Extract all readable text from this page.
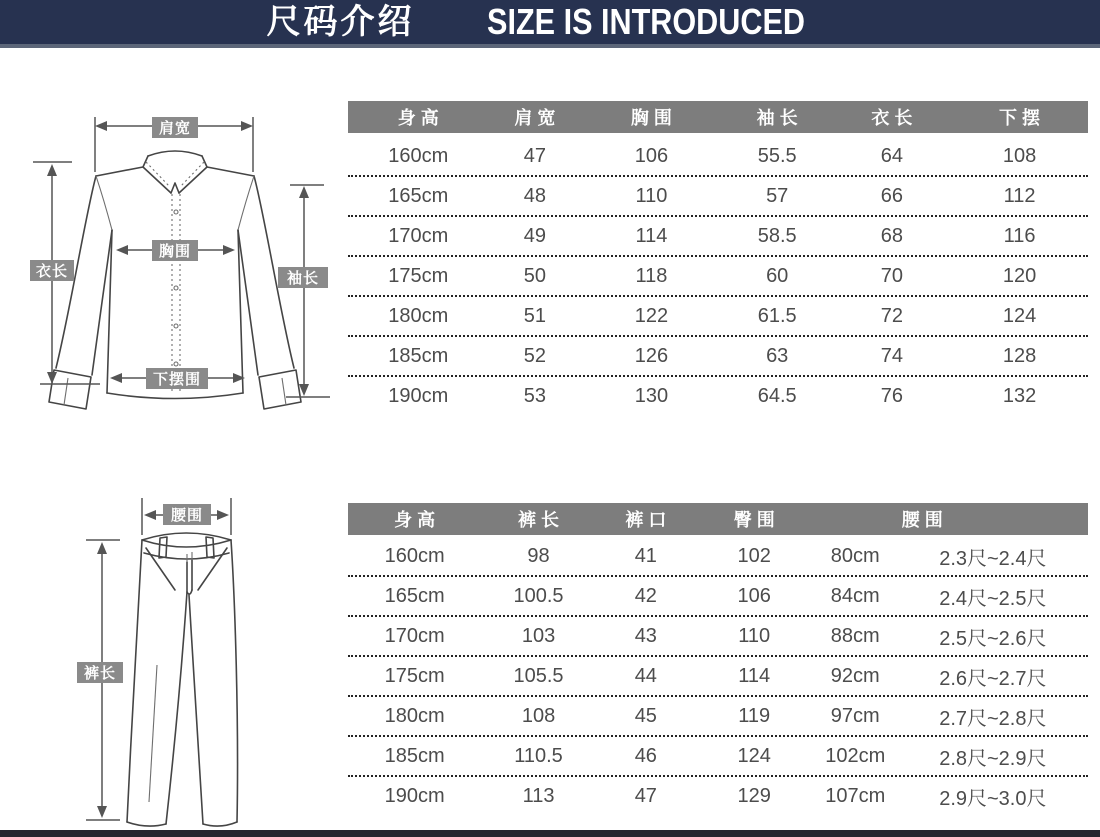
尺码介绍 SIZE IS INTRODUCED
肩宽
胸围
衣长	袖长
下摆围
身 高	肩 宽	胸 围	袖 长	衣 长	下 摆
160cm	47	106	55.5	64	108
165cm	48	110	57	66	112
170cm	49	114	58.5	68	116
175cm	50	118	60	70	120
180cm	51	122	61.5	72	124
185cm	52	126	63	74	128
190cm	53	130	64.5	76	132
腰围
裤长
身 高	裤 长	裤 口	臀 围	腰 围
160cm	98	41	102	80cm	2.3尺~2.4尺
165cm	100.5	42	106	84cm	2.4尺~2.5尺
170cm	103	43	110	88cm	2.5尺~2.6尺
175cm	105.5	44	114	92cm	2.6尺~2.7尺
180cm	108	45	119	97cm	2.7尺~2.8尺
185cm	110.5	46	124	102cm	2.8尺~2.9尺
190cm	113	47	129	107cm	2.9尺~3.0尺
